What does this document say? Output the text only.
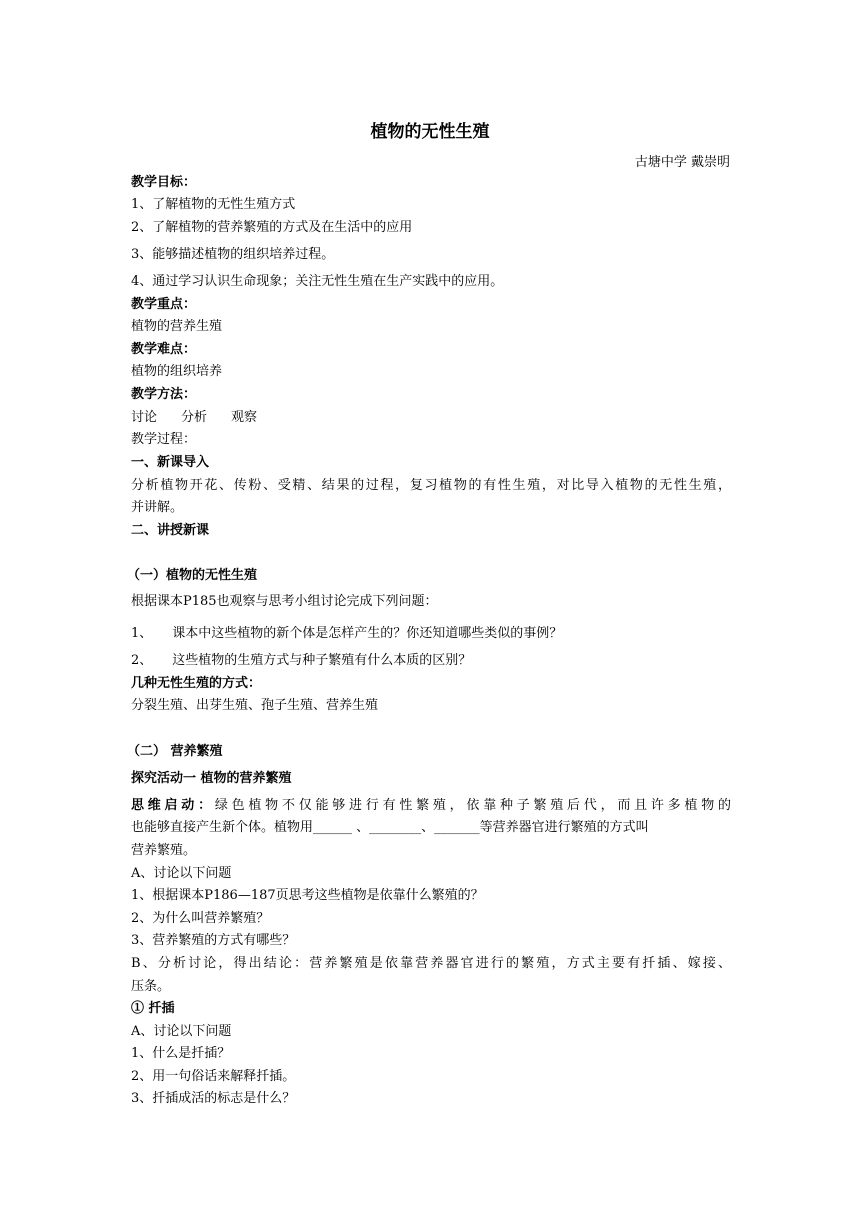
植物的无性生殖
古塘中学 戴崇明
教学目标：
1、了解植物的无性生殖方式
2、了解植物的营养繁殖的方式及在生活中的应用
3、能够描述植物的组织培养过程。
4、通过学习认识生命现象；关注无性生殖在生产实践中的应用。
教学重点：
植物的营养生殖
教学难点：
植物的组织培养
教学方法：
讨论 分析 观察
教学过程：
一、新课导入
分析植物开花、传粉、受精、结果的过程，复习植物的有性生殖，对比导入植物的无性生殖，
并讲解。
二、讲授新课
（一）植物的无性生殖
根据课本P185也观察与思考小组讨论完成下列问题：
1、 课本中这些植物的新个体是怎样产生的？你还知道哪些类似的事例？
2、 这些植物的生殖方式与种子繁殖有什么本质的区别？
几种无性生殖的方式：
分裂生殖、出芽生殖、孢子生殖、营养生殖
（二） 营养繁殖
探究活动一 植物的营养繁殖
思维启动：绿色植物不仅能够进行有性繁殖，依靠种子繁殖后代，而且许多植物的
也能够直接产生新个体。植物用______ 、________、_______等营养器官进行繁殖的方式叫
营养繁殖。
A、讨论以下问题
1、根据课本P186—187页思考这些植物是依靠什么繁殖的？
2、为什么叫营养繁殖？
3、营养繁殖的方式有哪些？
B、分析讨论，得出结论：营养繁殖是依靠营养器官进行的繁殖，方式主要有扦插、嫁接、
压条。
① 扦插
A、讨论以下问题
1、什么是扦插？
2、用一句俗话来解释扦插。
3、扦插成活的标志是什么？
